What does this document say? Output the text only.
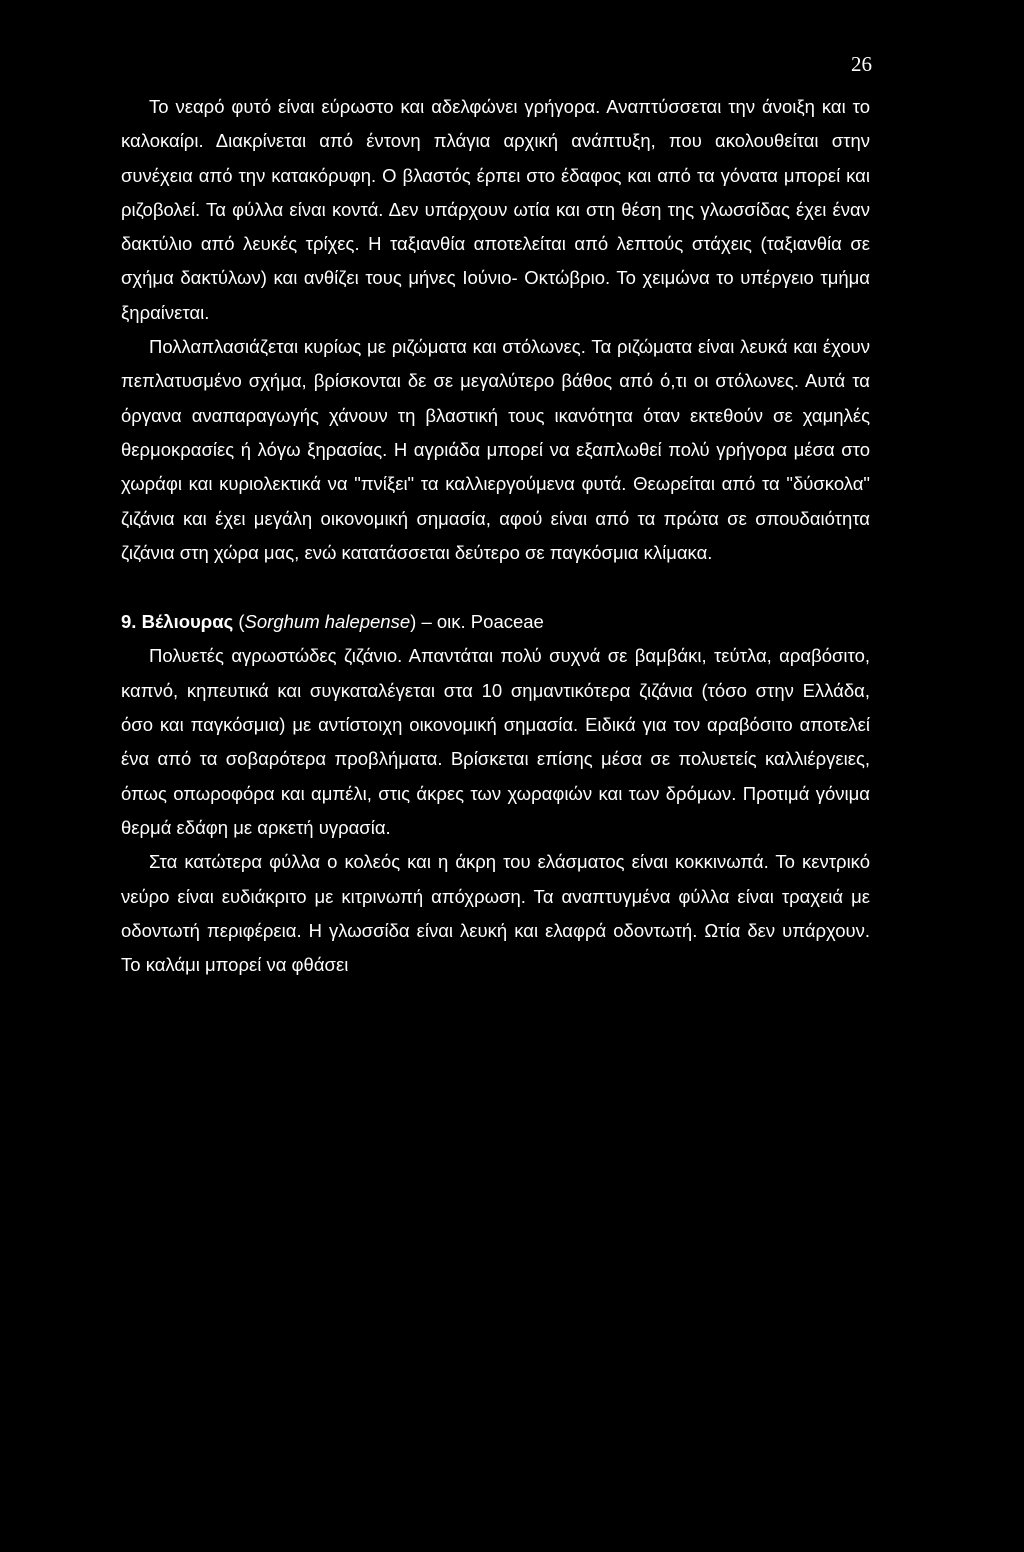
26

Το νεαρό φυτό είναι εύρωστο και αδελφώνει γρήγορα. Αναπτύσσεται την άνοιξη και το καλοκαίρι. Διακρίνεται από έντονη πλάγια αρχική ανάπτυξη, που ακολουθείται στην συνέχεια από την κατακόρυφη. Ο βλαστός έρπει στο έδαφος και από τα γόνατα μπορεί και ριζοβολεί. Τα φύλλα είναι κοντά. Δεν υπάρχουν ωτία και στη θέση της γλωσσίδας έχει έναν δακτύλιο από λευκές τρίχες. Η ταξιανθία αποτελείται από λεπτούς στάχεις (ταξιανθία σε σχήμα δακτύλων) και ανθίζει τους μήνες Ιούνιο- Οκτώβριο. Το χειμώνα το υπέργειο τμήμα ξηραίνεται.

Πολλαπλασιάζεται κυρίως με ριζώματα και στόλωνες. Τα ριζώματα είναι λευκά και έχουν πεπλατυσμένο σχήμα, βρίσκονται δε σε μεγαλύτερο βάθος από ό,τι οι στόλωνες. Αυτά τα όργανα αναπαραγωγής χάνουν τη βλαστική τους ικανότητα όταν εκτεθούν σε χαμηλές θερμοκρασίες ή λόγω ξηρασίας. Η αγριάδα μπορεί να εξαπλωθεί πολύ γρήγορα μέσα στο χωράφι και κυριολεκτικά να "πνίξει" τα καλλιεργούμενα φυτά. Θεωρείται από τα "δύσκολα" ζιζάνια και έχει μεγάλη οικονομική σημασία, αφού είναι από τα πρώτα σε σπουδαιότητα ζιζάνια στη χώρα μας, ενώ κατατάσσεται δεύτερο σε παγκόσμια κλίμακα.

9. Βέλιουρας (Sorghum halepense) – οικ. Poaceae

Πολυετές αγρωστώδες ζιζάνιο. Απαντάται πολύ συχνά σε βαμβάκι, τεύτλα, αραβόσιτο, καπνό, κηπευτικά και συγκαταλέγεται στα 10 σημαντικότερα ζιζάνια (τόσο στην Ελλάδα, όσο και παγκόσμια) με αντίστοιχη οικονομική σημασία. Ειδικά για τον αραβόσιτο αποτελεί ένα από τα σοβαρότερα προβλήματα. Βρίσκεται επίσης μέσα σε πολυετείς καλλιέργειες, όπως οπωροφόρα και αμπέλι, στις άκρες των χωραφιών και των δρόμων. Προτιμά γόνιμα θερμά εδάφη με αρκετή υγρασία.

Στα κατώτερα φύλλα ο κολεός και η άκρη του ελάσματος είναι κοκκινωπά. Το κεντρικό νεύρο είναι ευδιάκριτο με κιτρινωπή απόχρωση. Τα αναπτυγμένα φύλλα είναι τραχειά με οδοντωτή περιφέρεια. Η γλωσσίδα είναι λευκή και ελαφρά οδοντωτή. Ωτία δεν υπάρχουν. Το καλάμι μπορεί να φθάσει
